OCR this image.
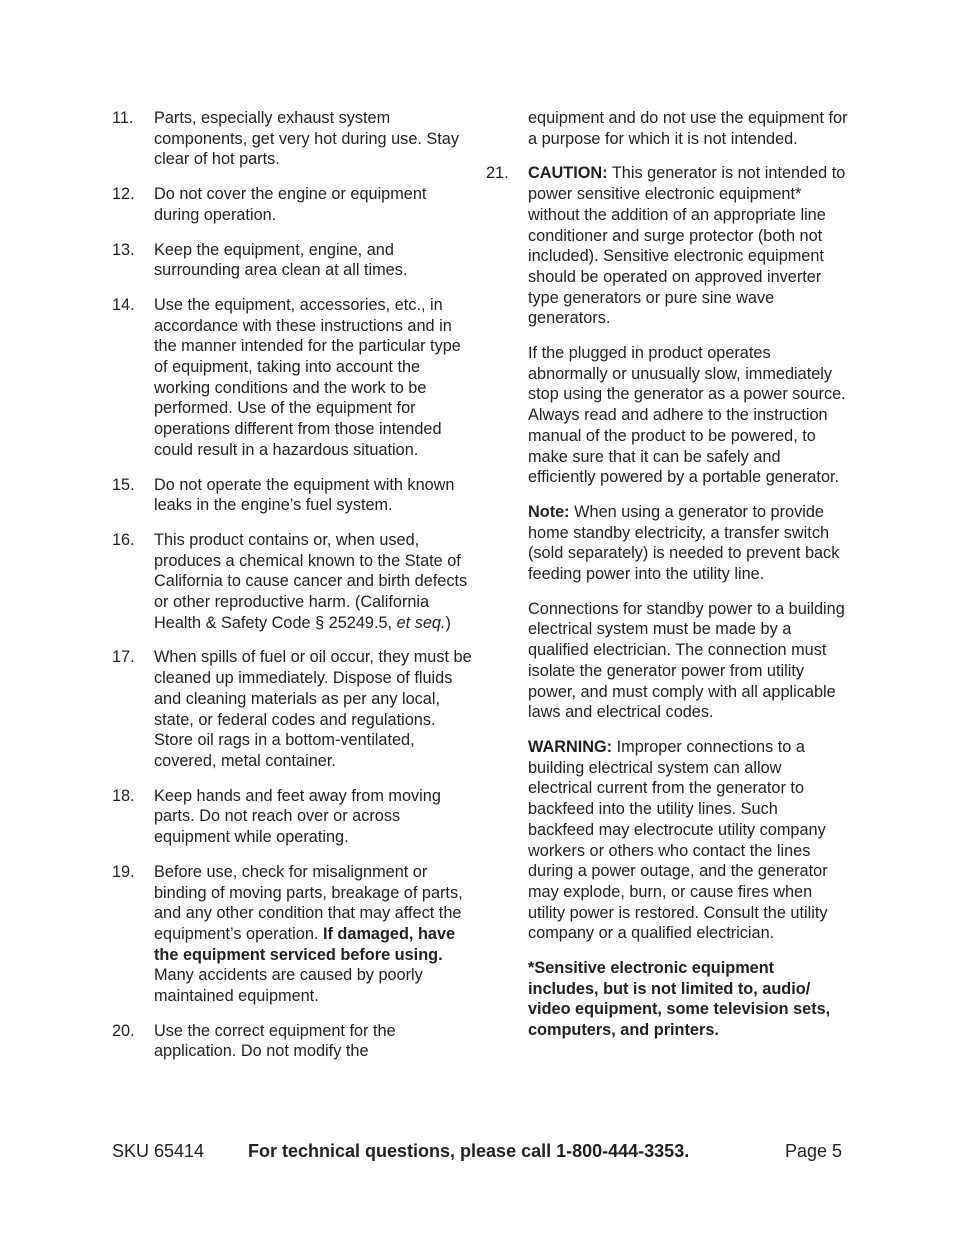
11. Parts, especially exhaust system components, get very hot during use. Stay clear of hot parts.
12. Do not cover the engine or equipment during operation.
13. Keep the equipment, engine, and surrounding area clean at all times.
14. Use the equipment, accessories, etc., in accordance with these instructions and in the manner intended for the particular type of equipment, taking into account the working conditions and the work to be performed. Use of the equipment for operations different from those intended could result in a hazardous situation.
15. Do not operate the equipment with known leaks in the engine’s fuel system.
16. This product contains or, when used, produces a chemical known to the State of California to cause cancer and birth defects or other reproductive harm. (California Health & Safety Code § 25249.5, et seq.)
17. When spills of fuel or oil occur, they must be cleaned up immediately. Dispose of fluids and cleaning materials as per any local, state, or federal codes and regulations. Store oil rags in a bottom-ventilated, covered, metal container.
18. Keep hands and feet away from moving parts. Do not reach over or across equipment while operating.
19. Before use, check for misalignment or binding of moving parts, breakage of parts, and any other condition that may affect the equipment’s operation. If damaged, have the equipment serviced before using. Many accidents are caused by poorly maintained equipment.
20. Use the correct equipment for the application. Do not modify the
equipment and do not use the equipment for a purpose for which it is not intended.
21. CAUTION: This generator is not intended to power sensitive electronic equipment* without the addition of an appropriate line conditioner and surge protector (both not included). Sensitive electronic equipment should be operated on approved inverter type generators or pure sine wave generators.
If the plugged in product operates abnormally or unusually slow, immediately stop using the generator as a power source. Always read and adhere to the instruction manual of the product to be powered, to make sure that it can be safely and efficiently powered by a portable generator.
Note: When using a generator to provide home standby electricity, a transfer switch (sold separately) is needed to prevent back feeding power into the utility line.
Connections for standby power to a building electrical system must be made by a qualified electrician. The connection must isolate the generator power from utility power, and must comply with all applicable laws and electrical codes.
WARNING: Improper connections to a building electrical system can allow electrical current from the generator to backfeed into the utility lines. Such backfeed may electrocute utility company workers or others who contact the lines during a power outage, and the generator may explode, burn, or cause fires when utility power is restored. Consult the utility company or a qualified electrician.
*Sensitive electronic equipment includes, but is not limited to, audio/ video equipment, some television sets, computers, and printers.
SKU 65414 For technical questions, please call 1-800-444-3353.	Page 5
